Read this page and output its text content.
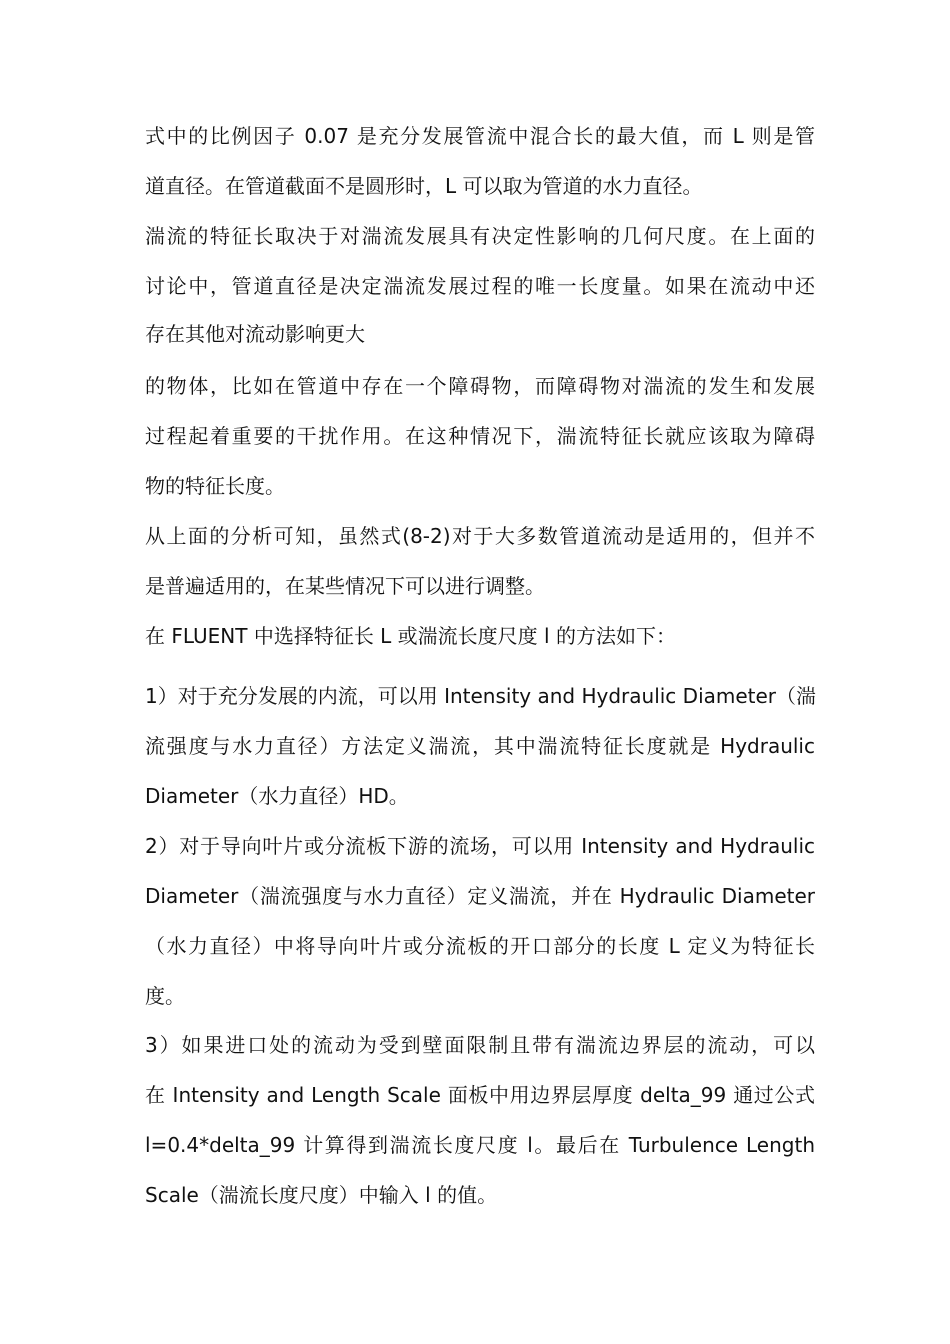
式中的比例因子 0.07 是充分发展管流中混合长的最大值，而 L 则是管
道直径。在管道截面不是圆形时，L 可以取为管道的水力直径。
湍流的特征长取决于对湍流发展具有决定性影响的几何尺度。在上面的
讨论中，管道直径是决定湍流发展过程的唯一长度量。如果在流动中还
存在其他对流动影响更大
的物体，比如在管道中存在一个障碍物，而障碍物对湍流的发生和发展
过程起着重要的干扰作用。在这种情况下，湍流特征长就应该取为障碍
物的特征长度。
从上面的分析可知，虽然式(8-2)对于大多数管道流动是适用的，但并不
是普遍适用的，在某些情况下可以进行调整。
在 FLUENT 中选择特征长 L 或湍流长度尺度 l 的方法如下：
1）对于充分发展的内流，可以用 Intensity and Hydraulic Diameter（湍
流强度与水力直径）方法定义湍流，其中湍流特征长度就是 Hydraulic
Diameter（水力直径）HD。
2）对于导向叶片或分流板下游的流场，可以用 Intensity and Hydraulic
Diameter（湍流强度与水力直径）定义湍流，并在 Hydraulic Diameter
（水力直径）中将导向叶片或分流板的开口部分的长度 L 定义为特征长
度。
3）如果进口处的流动为受到壁面限制且带有湍流边界层的流动，可以
在 Intensity and Length Scale 面板中用边界层厚度 delta_99 通过公式
l=0.4*delta_99 计算得到湍流长度尺度 l。最后在 Turbulence Length
Scale（湍流长度尺度）中输入 l 的值。
